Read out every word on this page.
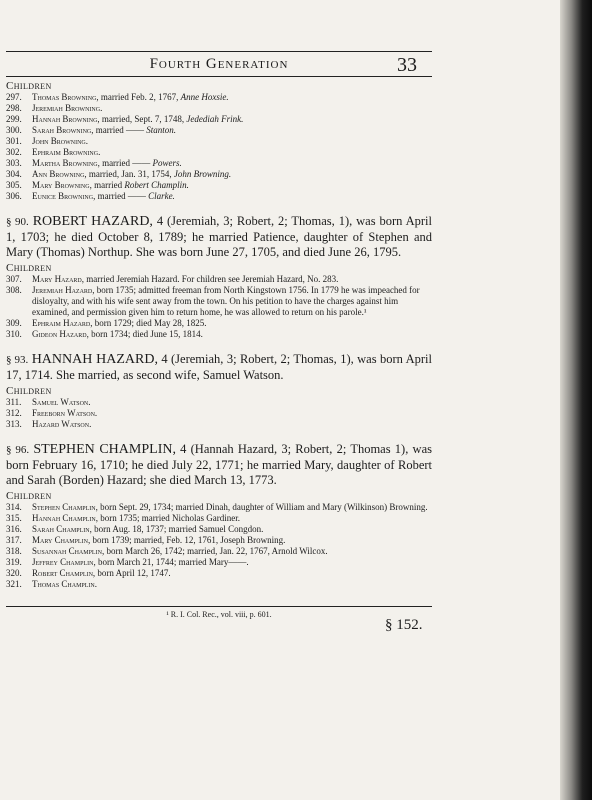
Fourth Generation	33

Children

297.	Thomas Browning, married Feb. 2, 1767, Anne Hoxsie.
298.	Jeremiah Browning.
299.	Hannah Browning, married, Sept. 7, 1748, Jedediah Frink.
300.	Sarah Browning, married —— Stanton.
301.	John Browning.
302.	Ephraim Browning.
303.	Martha Browning, married —— Powers.
304.	Ann Browning, married, Jan. 31, 1754, John Browning.
305.	Mary Browning, married Robert Champlin.
306.	Eunice Browning, married —— Clarke.

§ 90. ROBERT HAZARD, 4 (Jeremiah, 3; Robert, 2; Thomas, 1), was born April 1, 1703; he died October 8, 1789; he married Patience, daughter of Stephen and Mary (Thomas) Northup. She was born June 27, 1705, and died June 26, 1795.

Children

307.	Mary Hazard, married Jeremiah Hazard. For children see Jeremiah Hazard, No. 283.
308.	Jeremiah Hazard, born 1735; admitted freeman from North Kingstown 1756. In 1779 he was impeached for disloyalty, and with his wife sent away from the town. On his petition to have the charges against him examined, and permission given him to return home, he was allowed to return on his parole.¹
309.	Ephraim Hazard, born 1729; died May 28, 1825.
310.	Gideon Hazard, born 1734; died June 15, 1814.

§ 93. HANNAH HAZARD, 4 (Jeremiah, 3; Robert, 2; Thomas, 1), was born April 17, 1714. She married, as second wife, Samuel Watson.

Children

311.	Samuel Watson.
312.	Freeborn Watson.
313.	Hazard Watson.

§ 96. STEPHEN CHAMPLIN, 4 (Hannah Hazard, 3; Robert, 2; Thomas 1), was born February 16, 1710; he died July 22, 1771; he married Mary, daughter of Robert and Sarah (Borden) Hazard; she died March 13, 1773.

Children

314.	Stephen Champlin, born Sept. 29, 1734; married Dinah, daughter of William and Mary (Wilkinson) Browning.
315.	Hannah Champlin, born 1735; married Nicholas Gardiner.
316.	Sarah Champlin, born Aug. 18, 1737; married Samuel Congdon.
317.	Mary Champlin, born 1739; married, Feb. 12, 1761, Joseph Browning.
318.	Susannah Champlin, born March 26, 1742; married, Jan. 22, 1767, Arnold Wilcox.
319.	Jeffrey Champlin, born March 21, 1744; married Mary——.
320.	Robert Champlin, born April 12, 1747.
321.	Thomas Champlin.
¹ R. I. Col. Rec., vol. viii, p. 601.
§ 152.
